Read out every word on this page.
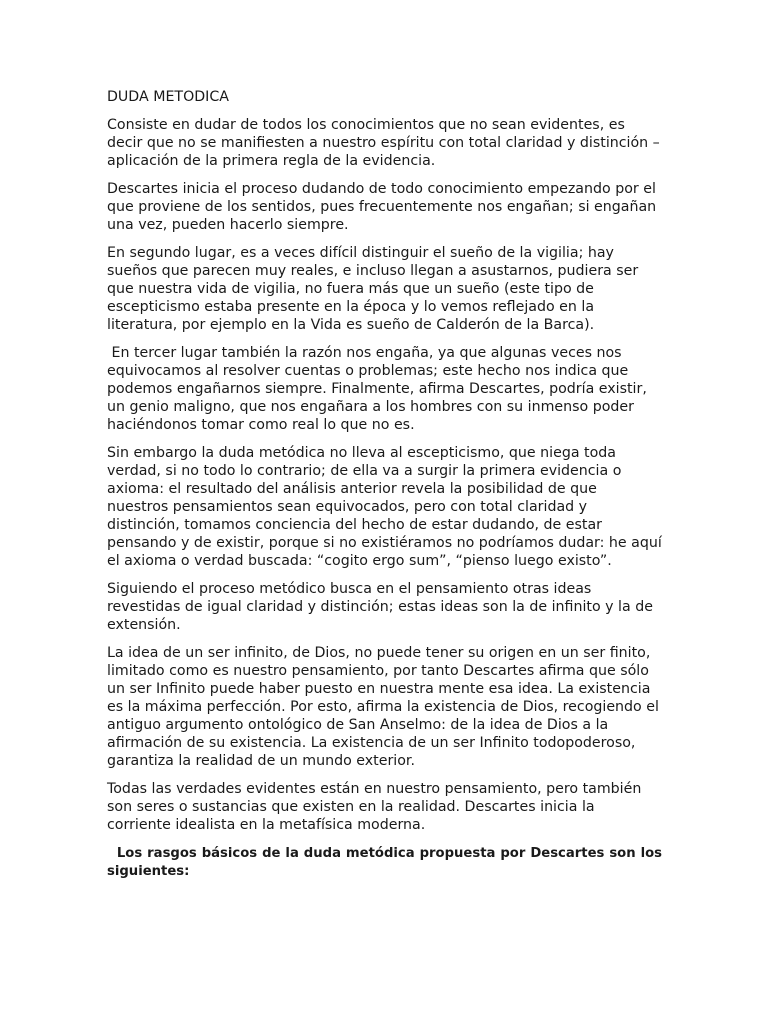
DUDA METODICA

Consiste en dudar de todos los conocimientos que no sean evidentes, es decir que no se manifiesten a nuestro espíritu con total claridad y distinción – aplicación de la primera regla de la evidencia.

Descartes inicia el proceso dudando de todo conocimiento empezando por el que proviene de los sentidos, pues frecuentemente nos engañan; si engañan una vez, pueden hacerlo siempre.

En segundo lugar, es a veces difícil distinguir el sueño de la vigilia; hay sueños que parecen muy reales, e incluso llegan a asustarnos, pudiera ser que nuestra vida de vigilia, no fuera más que un sueño (este tipo de escepticismo estaba presente en la época y lo vemos reflejado en la literatura, por ejemplo en la Vida es sueño de Calderón de la Barca).

En tercer lugar también la razón nos engaña, ya que algunas veces nos equivocamos al resolver cuentas o problemas; este hecho nos indica que podemos engañarnos siempre. Finalmente, afirma Descartes, podría existir, un genio maligno, que nos engañara a los hombres con su inmenso poder haciéndonos tomar como real lo que no es.

Sin embargo la duda metódica no lleva al escepticismo, que niega toda verdad, si no todo lo contrario; de ella va a surgir la primera evidencia o axioma: el resultado del análisis anterior revela la posibilidad de que nuestros pensamientos sean equivocados, pero con total claridad y distinción, tomamos conciencia del hecho de estar dudando, de estar pensando y de existir, porque si no existiéramos no podríamos dudar: he aquí el axioma o verdad buscada: “cogito ergo sum”, “pienso luego existo”.

Siguiendo el proceso metódico busca en el pensamiento otras ideas revestidas de igual claridad y distinción; estas ideas son la de infinito y la de extensión.

La idea de un ser infinito, de Dios, no puede tener su origen en un ser finito, limitado como es nuestro pensamiento, por tanto Descartes afirma que sólo un ser Infinito puede haber puesto en nuestra mente esa idea. La existencia es la máxima perfección. Por esto, afirma la existencia de Dios, recogiendo el antiguo argumento ontológico de San Anselmo: de la idea de Dios a la afirmación de su existencia. La existencia de un ser Infinito todopoderoso, garantiza la realidad de un mundo exterior.

Todas las verdades evidentes están en nuestro pensamiento, pero también son seres o sustancias que existen en la realidad. Descartes inicia la corriente idealista en la metafísica moderna.

Los rasgos básicos de la duda metódica propuesta por Descartes son los siguientes:
